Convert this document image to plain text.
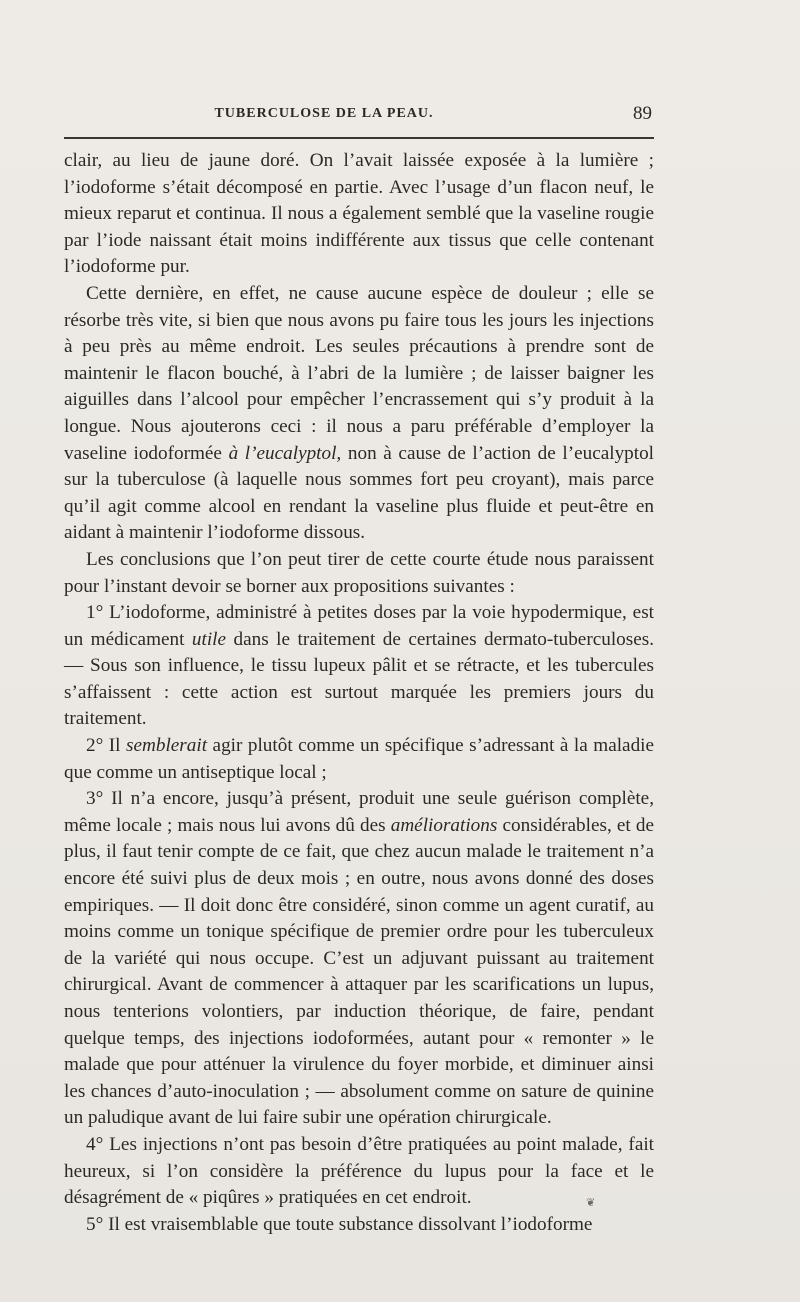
TUBERCULOSE DE LA PEAU.	89

clair, au lieu de jaune doré. On l’avait laissée exposée à la lumière ; l’iodoforme s’était décomposé en partie. Avec l’usage d’un flacon neuf, le mieux reparut et continua. Il nous a également semblé que la vaseline rougie par l’iode naissant était moins indifférente aux tissus que celle contenant l’iodoforme pur.

Cette dernière, en effet, ne cause aucune espèce de douleur ; elle se résorbe très vite, si bien que nous avons pu faire tous les jours les injections à peu près au même endroit. Les seules précautions à prendre sont de maintenir le flacon bouché, à l’abri de la lumière ; de laisser baigner les aiguilles dans l’alcool pour empêcher l’encrassement qui s’y produit à la longue. Nous ajouterons ceci : il nous a paru préférable d’employer la vaseline iodoformée à l’eucalyptol, non à cause de l’action de l’eucalyptol sur la tuberculose (à laquelle nous sommes fort peu croyant), mais parce qu’il agit comme alcool en rendant la vaseline plus fluide et peut-être en aidant à maintenir l’iodoforme dissous.

Les conclusions que l’on peut tirer de cette courte étude nous paraissent pour l’instant devoir se borner aux propositions suivantes :

1° L’iodoforme, administré à petites doses par la voie hypodermique, est un médicament utile dans le traitement de certaines dermato-tuberculoses. — Sous son influence, le tissu lupeux pâlit et se rétracte, et les tubercules s’affaissent : cette action est surtout marquée les premiers jours du traitement.

2° Il semblerait agir plutôt comme un spécifique s’adressant à la maladie que comme un antiseptique local ;

3° Il n’a encore, jusqu’à présent, produit une seule guérison complète, même locale ; mais nous lui avons dû des améliorations considérables, et de plus, il faut tenir compte de ce fait, que chez aucun malade le traitement n’a encore été suivi plus de deux mois ; en outre, nous avons donné des doses empiriques. — Il doit donc être considéré, sinon comme un agent curatif, au moins comme un tonique spécifique de premier ordre pour les tuberculeux de la variété qui nous occupe. C’est un adjuvant puissant au traitement chirurgical. Avant de commencer à attaquer par les scarifications un lupus, nous tenterions volontiers, par induction théorique, de faire, pendant quelque temps, des injections iodoformées, autant pour « remonter » le malade que pour atténuer la virulence du foyer morbide, et diminuer ainsi les chances d’auto-inoculation ; — absolument comme on sature de quinine un paludique avant de lui faire subir une opération chirurgicale.

4° Les injections n’ont pas besoin d’être pratiquées au point malade, fait heureux, si l’on considère la préférence du lupus pour la face et le désagrément de « piqûres » pratiquées en cet endroit.

5° Il est vraisemblable que toute substance dissolvant l’iodoforme

❦
